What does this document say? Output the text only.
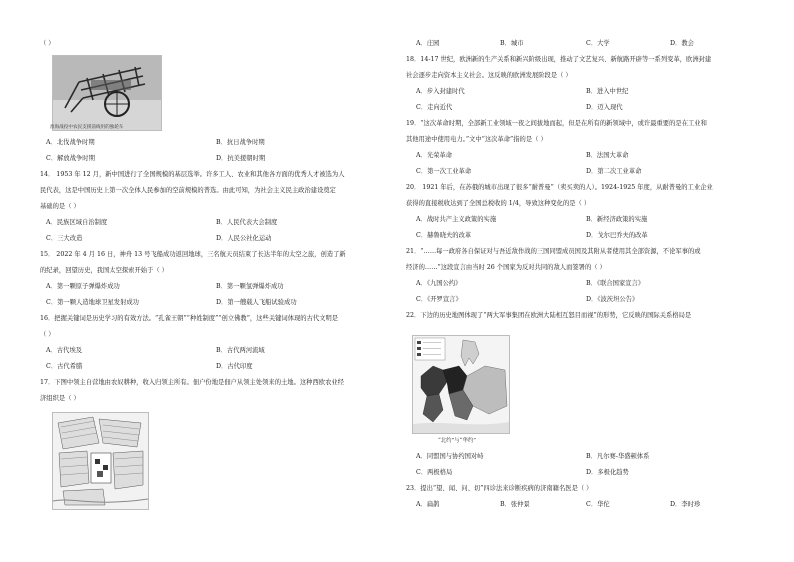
（ ）
淮海战役中农民支援前线用的独轮车
A．北伐战争时期	B．抗日战争时期
C．解放战争时期	D．抗美援朝时期
14． 1953 年 12 月，新中国进行了全国规模的基层选举。许多工人、农业和其他各方面的优秀人才被选为人
民代表，这是中国历史上第一次全体人民参加的空前规模的普选。由此可知，为社会主义民主政治建设奠定
基础的是（ ）
A．民族区域自治制度	B．人民代表大会制度
C．三大改造	D．人民公社化运动
15． 2022 年 4 月 16 日，神舟 13 号飞船成功返回地球，三名航天员结束了长达半年的太空之旅，创造了新
的纪录，回望历史，我国太空探索开始于（ ）
A．第一颗原子弹爆炸成功	B．第一颗氢弹爆炸成功
C．第一颗人造地球卫星发射成功	D．第一艘载人飞船试验成功
16．把握关键词是历史学习的有效方法。“孔雀王朝”“种姓制度”“创立佛教”，这些关键词体现的古代文明是
（ ）
A．古代埃及	B．古代两河流域
C．古代希腊	D．古代印度
17．下图中领主自营地由农奴耕种，收入归领主所有。佃户份地是佃户从领主处领来的土地。这种西欧农业经
济组织是（ ）
A．庄园	B．城市	C．大学	D．教会
18．14-17 世纪，欧洲新的生产关系和新兴阶级出现，推动了文艺复兴、新航路开辟等一系列变革，欧洲封建
社会逐步走向资本主义社会。这反映的欧洲发展阶段是（ ）
A．步入封建时代	B．进入中世纪
C．走向近代	D．迈入现代
19．“这次革命时期，全部新工业领域一夜之间拔地而起，但是在所有的新领域中，或许最重要的是在工业和
其他用途中使用电力。”文中“这次革命”指的是（ ）
A．光荣革命	B．法国大革命
C．第一次工业革命	D．第二次工业革命
20． 1921 年后，在苏俄的城市出现了很多“耐普曼”（卖买卖的人）。1924-1925 年度，从耐普曼的工业企业
获得的直接税收达到了全国总税收的 1/4，导致这种变化的是（ ）
A．战时共产主义政策的实施	B．新经济政策的实施
C．赫鲁晓夫的改革	D．戈尔巴乔夫的改革
21．“……每一政府各自保证对与吾近敌作战的三国同盟成员国及其附从者使用其全部资源，不论军事的或
经济的……”这段宣言由当时 26 个国家为反对共同的敌人而签署的（ ）
A．《九国公约》	B．《联合国家宣言》
C．《开罗宣言》	D．《波茨坦公告》
22．下边的历史地图体现了“两大军事集团在欧洲大陆相互怒目而视”的形势，它反映的国际关系格局是
“北约”与“华约”
A．同盟国与协约国对峙	B．凡尔赛-华盛顿体系
C．两极格局	D．多极化趋势
23．提出“望、闻、问、切”四诊法来诊断疾病的济南籍名医是（ ）
A．扁鹊	B．张仲景	C．华佗	D．李时珍
